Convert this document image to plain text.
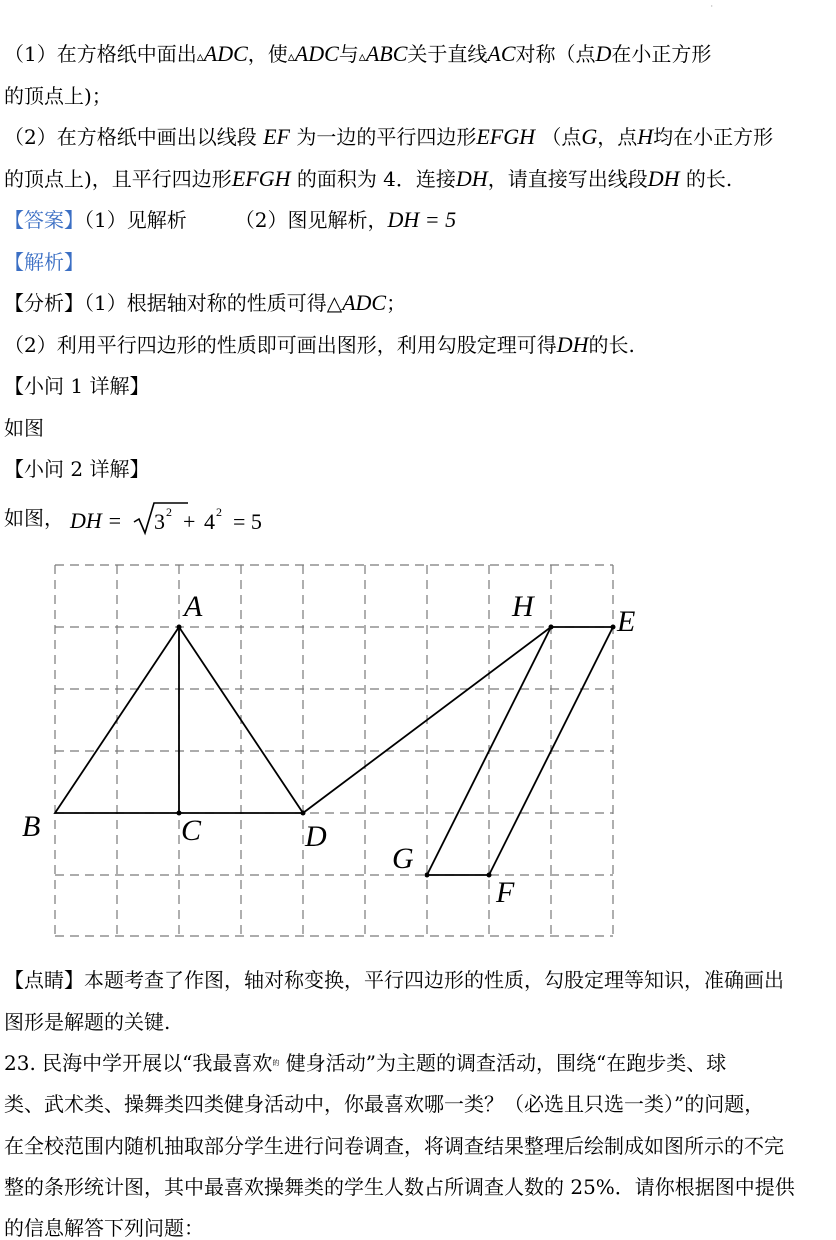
·
（1）在方格纸中面出▵ADC，使▵ADC与▵ABC关于直线AC对称（点D在小正方形
的顶点上)；
（2）在方格纸中画出以线段 EF 为一边的平行四边形EFGH （点G，点H均在小正方形
的顶点上)，且平行四边形EFGH 的面积为 4．连接DH，请直接写出线段DH 的长.
【答案】（1）见解析 （2）图见解析，DH = 5
【解析】
【分析】（1）根据轴对称的性质可得△ADC；
（2）利用平行四边形的性质即可画出图形，利用勾股定理可得DH的长.
【小问 1 详解】
如图
【小问 2 详解】
如图， DH = 3 2 + 4 2 = 5
A
B	C	D
E
F
G
H
【点睛】本题考查了作图，轴对称变换，平行四边形的性质，勾股定理等知识，准确画出
图形是解题的关键.
23. 民海中学开展以“我最喜欢$^的$ 健身活动”为主题的调查活动，围绕“在跑步类、球
类、武术类、操舞类四类健身活动中，你最喜欢哪一类？（必选且只选一类）”的问题，
在全校范围内随机抽取部分学生进行问卷调查，将调查结果整理后绘制成如图所示的不完
整的条形统计图，其中最喜欢操舞类的学生人数占所调查人数的 25%．请你根据图中提供
的信息解答下列问题：
